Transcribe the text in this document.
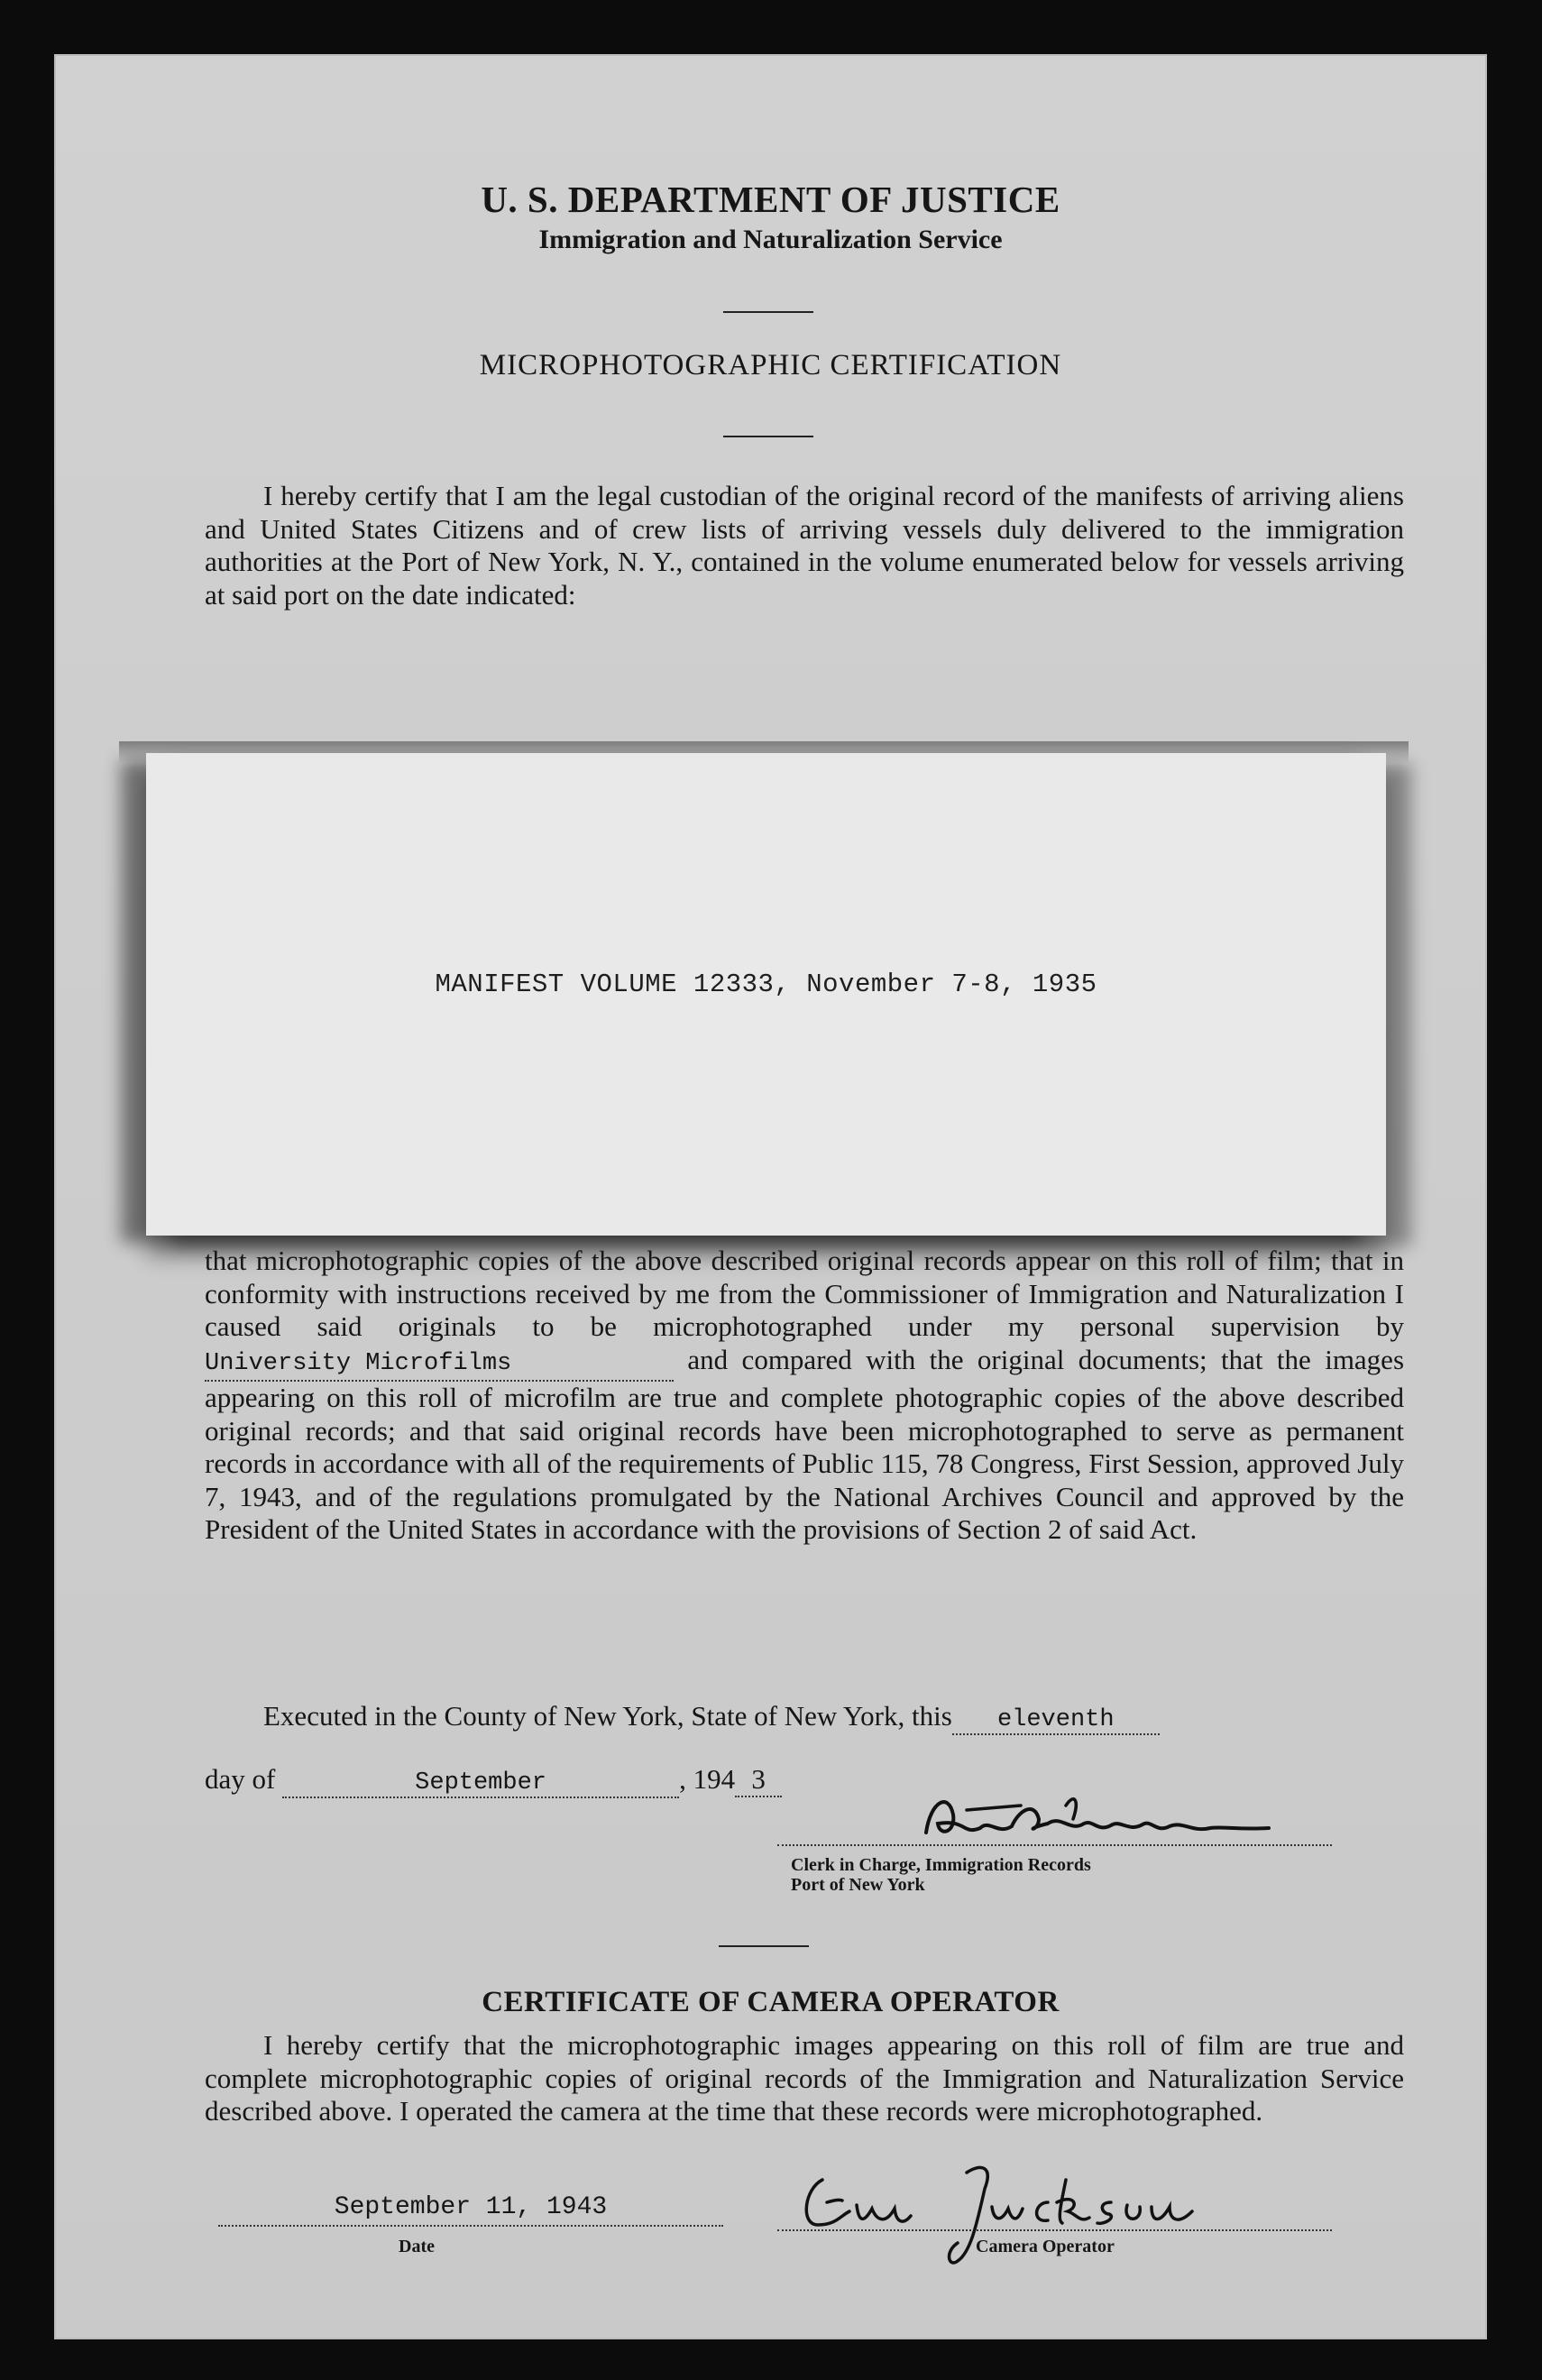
U. S. DEPARTMENT OF JUSTICE
Immigration and Naturalization Service
MICROPHOTOGRAPHIC CERTIFICATION

I hereby certify that I am the legal custodian of the original record of the manifests of arriving aliens and United States Citizens and of crew lists of arriving vessels duly delivered to the immigration authorities at the Port of New York, N. Y., contained in the volume enumerated below for vessels arriving at said port on the date indicated:

MANIFEST VOLUME 12333, November 7-8, 1935

that microphotographic copies of the above described original records appear on this roll of film; that in conformity with instructions received by me from the Commissioner of Immigration and Naturalization I caused said originals to be microphotographed under my personal supervision by University Microfilms	and compared with the original documents; that the images appearing on this roll of microfilm are true and complete photographic copies of the above described original records; and that said original records have been microphotographed to serve as permanent records in accordance with all of the requirements of Public 115, 78 Congress, First Session, approved July 7, 1943, and of the regulations promulgated by the National Archives Council and approved by the President of the United States in accordance with the provisions of Section 2 of said Act.

Executed in the County of New York, State of New York, this eleventh
day of	September	, 194 3
Clerk in Charge, Immigration Records
Port of New York
CERTIFICATE OF CAMERA OPERATOR

I hereby certify that the microphotographic images appearing on this roll of film are true and complete microphotographic copies of original records of the Immigration and Naturalization Service described above. I operated the camera at the time that these records were microphotographed.

September 11, 1943
Date	Camera Operator
